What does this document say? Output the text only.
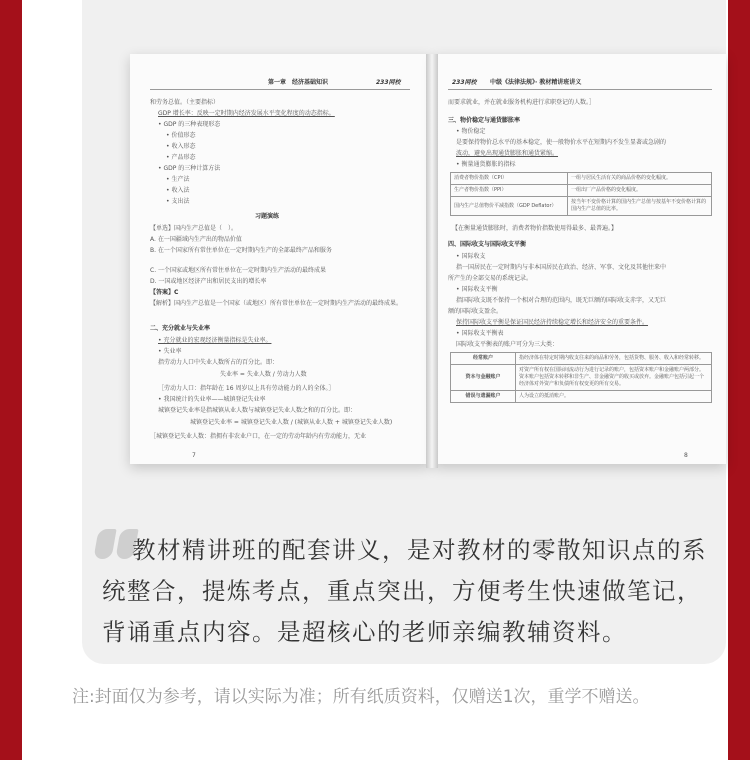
第一章　经济基础知识	233网校
和劳务总值。（主要指标）
GDP 增长率：反映一定时期内经济发展水平变化程度的动态指标。
• GDP 的三种表现形态
• 价值形态
• 收入形态
• 产品形态
• GDP 的三种计算方法
• 生产法
• 收入法
• 支出法
习题演练
【单选】国内生产总值是（　）。
A. 在一国疆域内生产出的物品价值
B. 在一个国家所有常住单位在一定时期内生产的全部最终产品和服务
C. 一个国家或地区所有常住单位在一定时期内生产活动的最终成果
D. 一国或地区经济产出和居民支出的增长率
【答案】C
【解析】国内生产总值是一个国家（或地区）所有常住单位在一定时期内生产活动的最终成果。
二、充分就业与失业率
• 充分就业的宏观经济衡量指标是失业率。
• 失业率
指劳动力人口中失业人数所占的百分比。即：
失业率 = 失业人数 / 劳动力人数
［劳动力人口：指年龄在 16 周岁以上具有劳动能力的人的全体。］
• 我国统计的失业率——城镇登记失业率
城镇登记失业率是指城镇从业人数与城镇登记失业人数之和的百分比。即：
城镇登记失业率 = 城镇登记失业人数 / (城镇从业人数 + 城镇登记失业人数)
［城镇登记失业人数：指拥有非农业户口，在一定的劳动年龄内有劳动能力，无业
7
233网校 中级《法律法规》· 教材精讲班讲义
而要求就业，并在就业服务机构进行求职登记的人数。］
三、物价稳定与通货膨胀率
• 物价稳定
是要保持物价总水平的基本稳定，使一般物价水平在短期内不发生显著或急剧的
波动，避免出现通货膨胀和通货紧缩。
• 衡量通货膨胀的指标
消费者物价指数（CPI）	一组与居民生活有关的商品价格的变化幅度。
生产者物价指数（PPI）	一组出厂产品价格的变化幅度。
国内生产总值物价平减指数（GDP Deflator）	按当年不变价格计算的国内生产总值与按基年不变价格计算的国内生产总值的比率。
【在衡量通货膨胀时，消费者物价指数使用得最多、最普遍。】
四、国际收支与国际收支平衡
• 国际收支
指一国居民在一定时期内与非本国居民在政治、经济、军事、文化及其他往来中
所产生的全部交易的系统记录。
• 国际收支平衡
指国际收支既不保持一个相对合理的范围内，既无巨额的国际收支赤字，又无巨
额的国际收支盈余。
保持国际收支平衡是保证国民经济持续稳定增长和经济安全的重要条件。
• 国际收支平衡表
国际收支平衡表的账户可分为三大类：
经常账户	指经济体在特定时期内收支往来的商品和劳务，包括货物、服务、收入和经常转移。
资本与金融账户	对资产所有权在国际间流动行为进行记录的账户，包括资本账户和金融账户两部分。资本账户包括资本转移和非生产、非金融资产的收买或放弃。金融账户包括引起一个经济体对外资产和负债所有权变更的所有交易。
错误与遗漏账户	人为设立的抵消账户。
8
教材精讲班的配套讲义，是对教材的零散知识点的系统整合，提炼考点，重点突出，方便考生快速做笔记，背诵重点内容。是超核心的老师亲编教辅资料。
注:封面仅为参考，请以实际为准；所有纸质资料，仅赠送1次，重学不赠送。
